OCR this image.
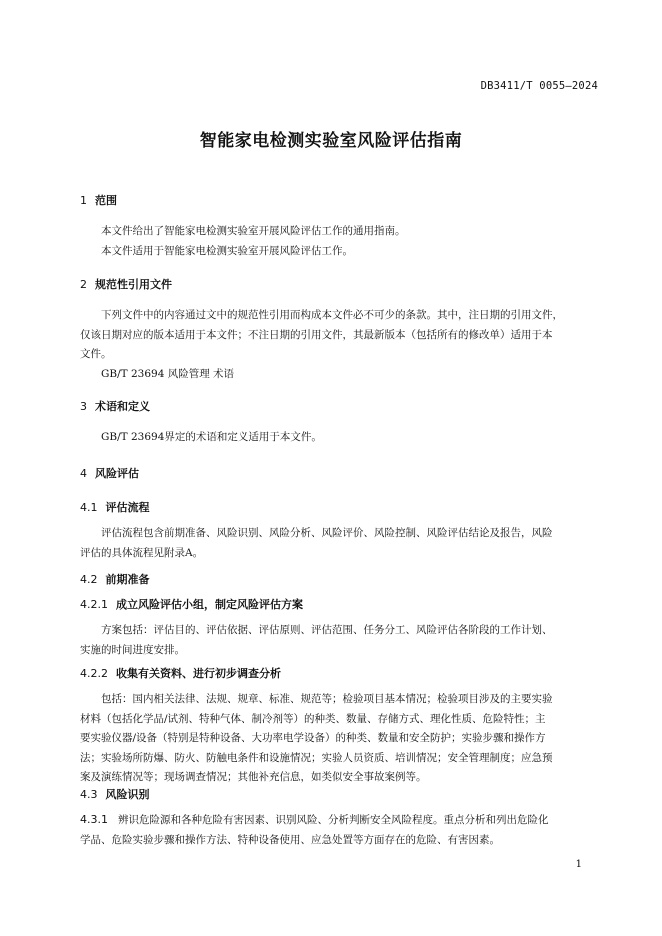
DB3411/T 0055—2024
智能家电检测实验室风险评估指南
1 范围
本文件给出了智能家电检测实验室开展风险评估工作的通用指南。
本文件适用于智能家电检测实验室开展风险评估工作。
2 规范性引用文件
下列文件中的内容通过文中的规范性引用而构成本文件必不可少的条款。其中，注日期的引用文件，
仅该日期对应的版本适用于本文件；不注日期的引用文件，其最新版本（包括所有的修改单）适用于本
文件。
GB/T 23694 风险管理 术语
3 术语和定义
GB/T 23694界定的术语和定义适用于本文件。
4 风险评估
4.1 评估流程
评估流程包含前期准备、风险识别、风险分析、风险评价、风险控制、风险评估结论及报告，风险
评估的具体流程见附录A。
4.2 前期准备
4.2.1 成立风险评估小组，制定风险评估方案
方案包括：评估目的、评估依据、评估原则、评估范围、任务分工、风险评估各阶段的工作计划、
实施的时间进度安排。
4.2.2 收集有关资料、进行初步调查分析
包括：国内相关法律、法规、规章、标准、规范等；检验项目基本情况；检验项目涉及的主要实验
材料（包括化学品/试剂、特种气体、制冷剂等）的种类、数量、存储方式、理化性质、危险特性；主
要实验仪器/设备（特别是特种设备、大功率电学设备）的种类、数量和安全防护；实验步骤和操作方
法；实验场所防爆、防火、防触电条件和设施情况；实验人员资质、培训情况；安全管理制度；应急预
案及演练情况等；现场调查情况；其他补充信息，如类似安全事故案例等。
4.3 风险识别
4.3.1 辨识危险源和各种危险有害因素、识别风险、分析判断安全风险程度。重点分析和列出危险化
学品、危险实验步骤和操作方法、特种设备使用、应急处置等方面存在的危险、有害因素。
1
